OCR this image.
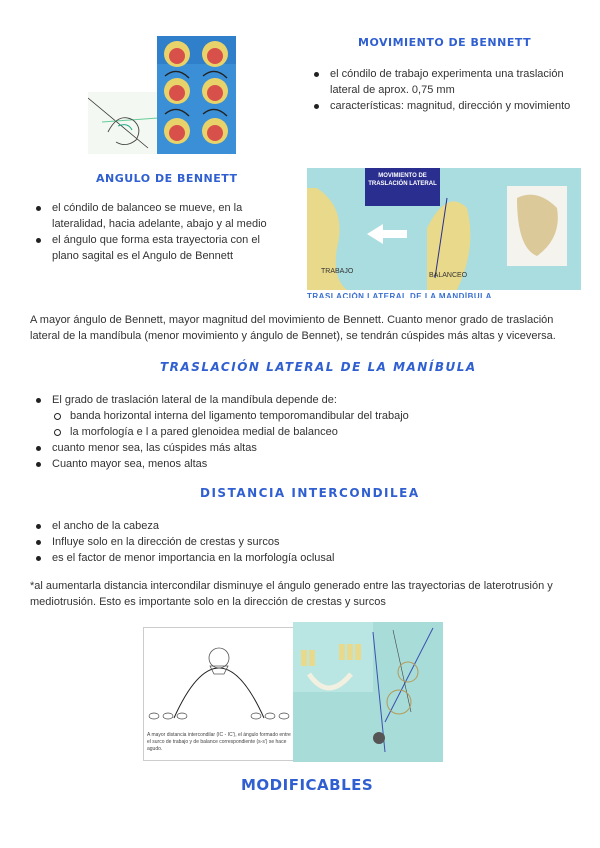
MOVIMIENTO DE BENNETT
el cóndilo de trabajo experimenta una traslación lateral de aprox. 0,75 mm
características: magnitud, dirección y movimiento
ANGULO DE BENNETT
el cóndilo de balanceo se mueve, en la lateralidad, hacia adelante, abajo y al medio
el ángulo que forma esta trayectoria con el plano sagital es el Angulo de Bennett
MOVIMIENTO DE TRASLACIÓN LATERAL
TRABAJO
BALANCEO
TRASLACIÓN LATERAL DE LA MANDÍBULA
A mayor ángulo de Bennett, mayor magnitud del movimiento de Bennett. Cuanto menor grado de traslación lateral de la mandíbula (menor movimiento y ángulo de Bennet), se tendrán cúspides más altas y viceversa.
TRASLACIÓN LATERAL DE LA MANÍBULA
El grado de traslación lateral de la mandíbula depende de:
banda horizontal interna del ligamento temporomandibular del trabajo
la morfología e l a pared glenoidea medial de balanceo
cuanto menor sea, las cúspides más altas
Cuanto mayor sea, menos altas
DISTANCIA INTERCONDILEA
el ancho de la cabeza
Influye solo en la dirección de crestas y surcos
es el factor de menor importancia en la morfología oclusal
*al aumentarla distancia intercondilar disminuye el ángulo generado entre las trayectorias de laterotrusión y mediotrusión. Esto es importante solo en la dirección de crestas y surcos
A mayor distancia intercondilar (IC - IC'), el ángulo formado entre el surco de trabajo y de balance correspondiente (s-s') se hace agudo.
MODIFICABLES
